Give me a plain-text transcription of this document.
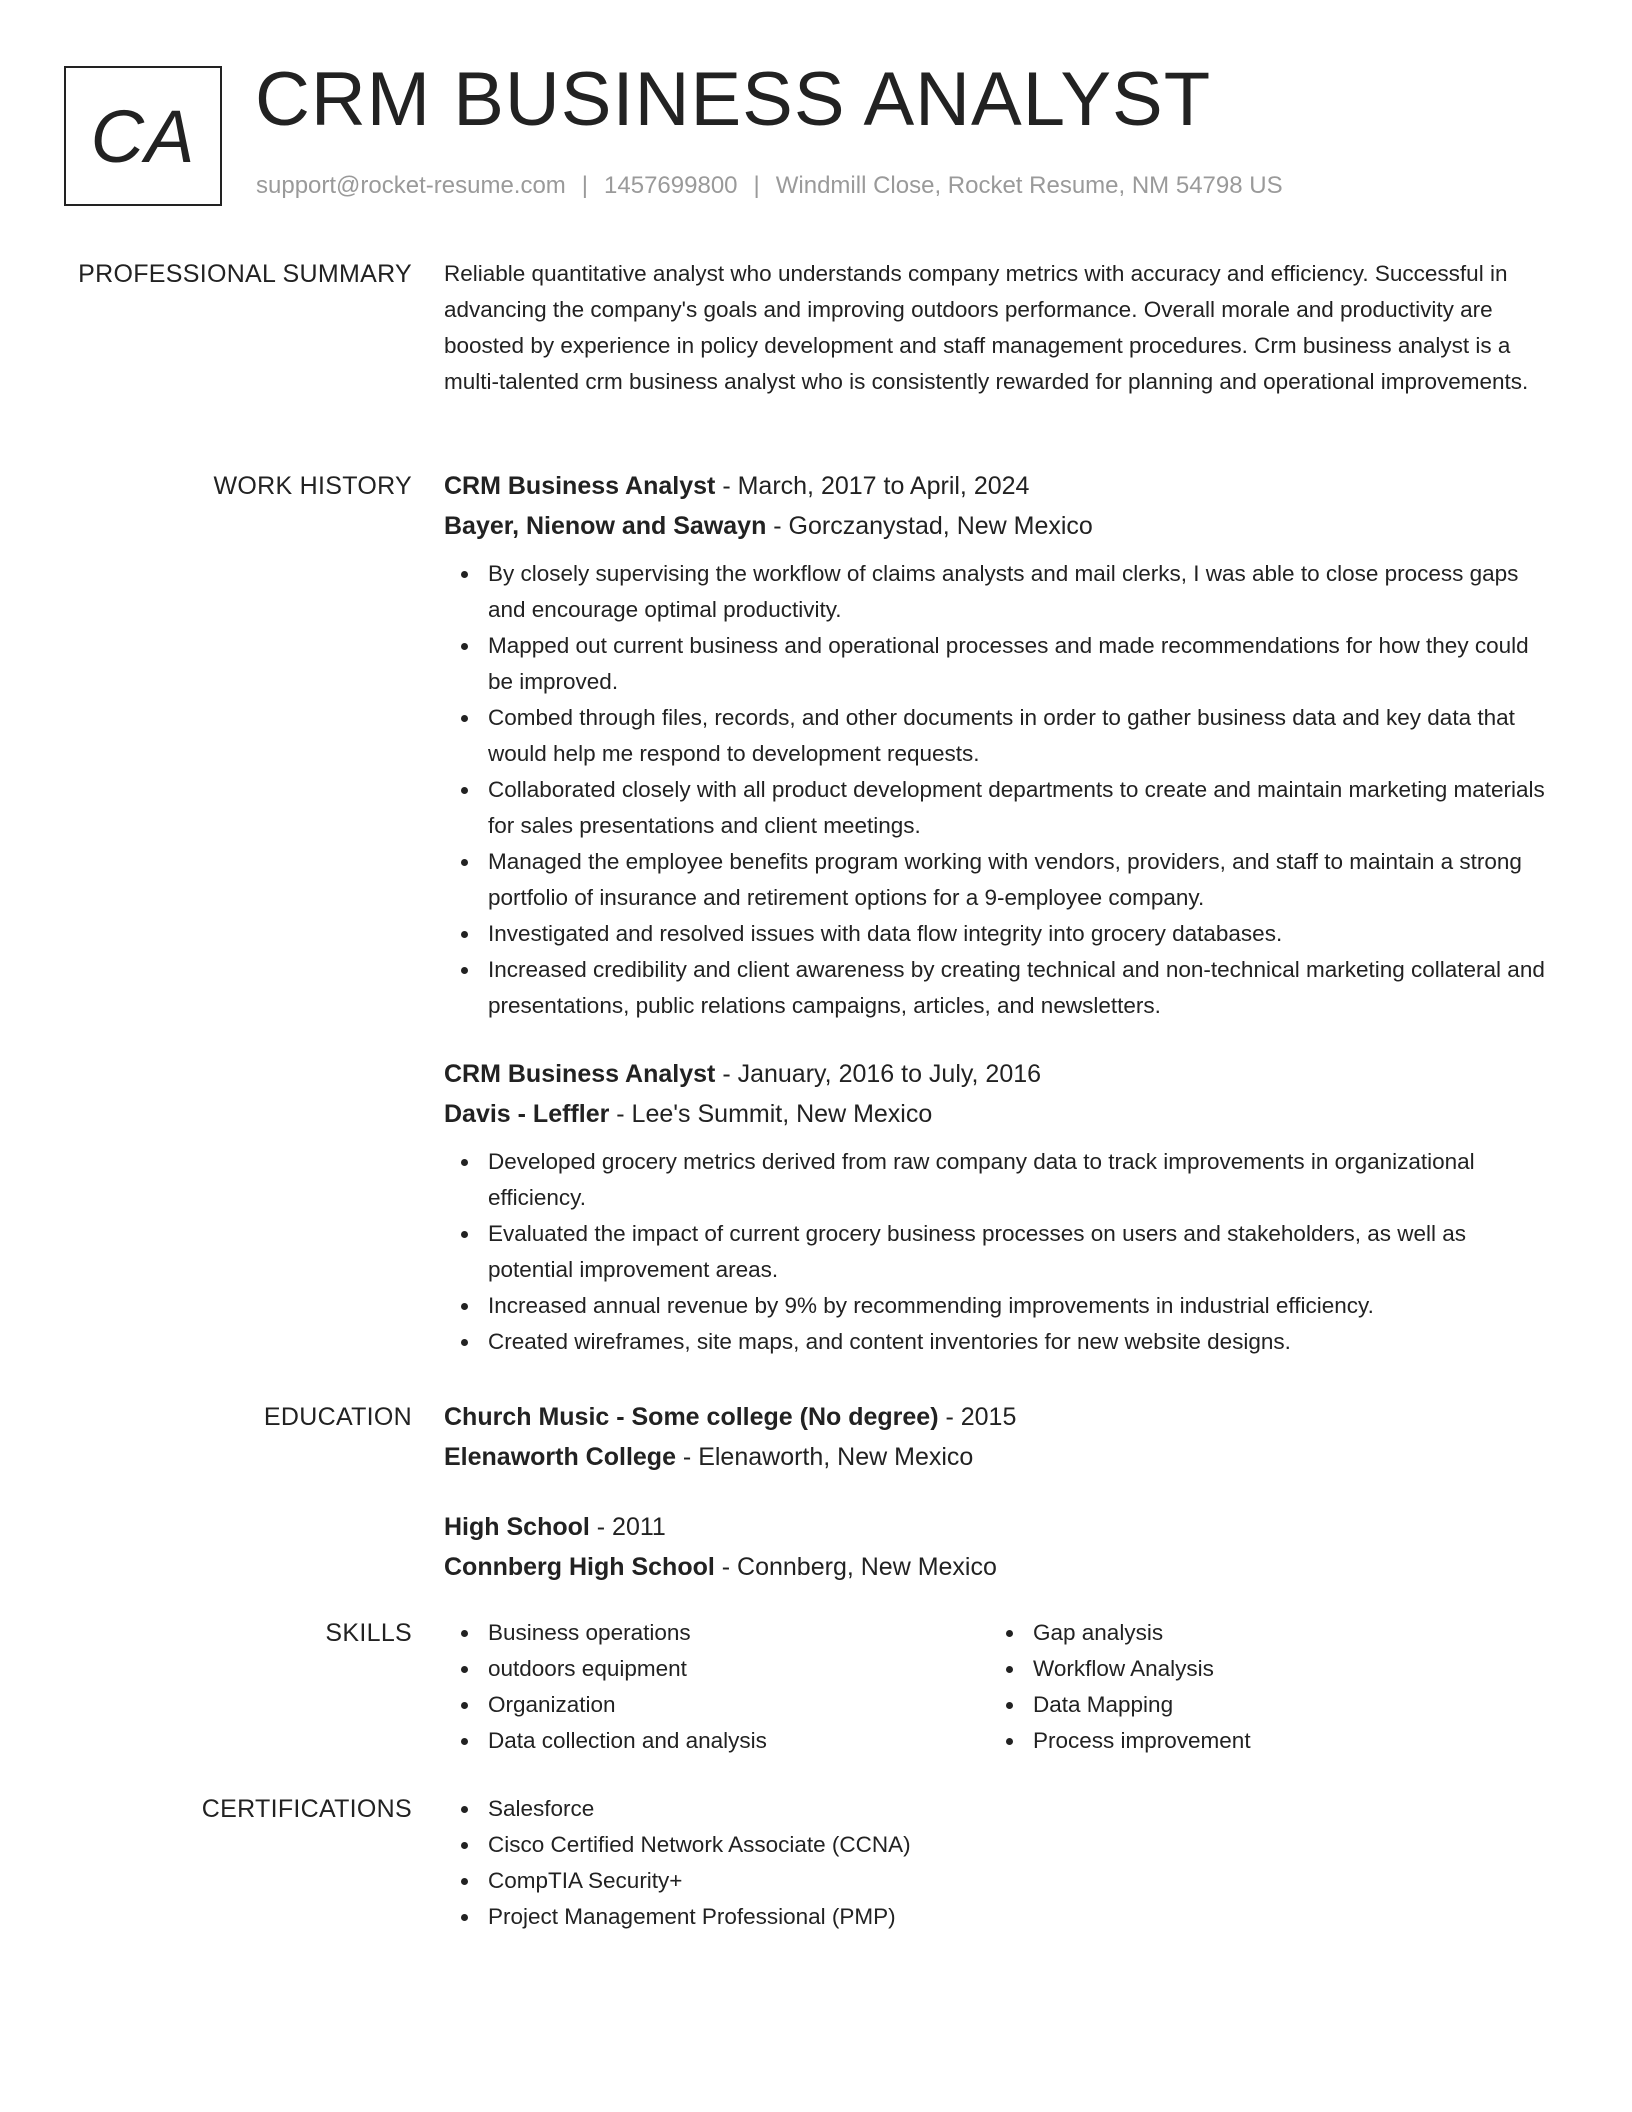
CA CRM BUSINESS ANALYST
support@rocket-resume.com | 1457699800 | Windmill Close, Rocket Resume, NM 54798 US
PROFESSIONAL SUMMARY Reliable quantitative analyst who understands company metrics with accuracy and efficiency. Successful in advancing the company's goals and improving outdoors performance. Overall morale and productivity are boosted by experience in policy development and staff management procedures. Crm business analyst is a multi-talented crm business analyst who is consistently rewarded for planning and operational improvements.

WORK HISTORY CRM Business Analyst - March, 2017 to April, 2024

Bayer, Nienow and Sawayn - Gorczanystad, New Mexico

By closely supervising the workflow of claims analysts and mail clerks, I was able to close process gaps and encourage optimal productivity.
Mapped out current business and operational processes and made recommendations for how they could be improved.
Combed through files, records, and other documents in order to gather business data and key data that would help me respond to development requests.
Collaborated closely with all product development departments to create and maintain marketing materials for sales presentations and client meetings.
Managed the employee benefits program working with vendors, providers, and staff to maintain a strong portfolio of insurance and retirement options for a 9-employee company.
Investigated and resolved issues with data flow integrity into grocery databases.
Increased credibility and client awareness by creating technical and non-technical marketing collateral and presentations, public relations campaigns, articles, and newsletters.

CRM Business Analyst - January, 2016 to July, 2016

Davis - Leffler - Lee's Summit, New Mexico

Developed grocery metrics derived from raw company data to track improvements in organizational efficiency.
Evaluated the impact of current grocery business processes on users and stakeholders, as well as potential improvement areas.
Increased annual revenue by 9% by recommending improvements in industrial efficiency.
Created wireframes, site maps, and content inventories for new website designs.
EDUCATION Church Music - Some college (No degree) - 2015

Elenaworth College - Elenaworth, New Mexico

High School - 2011

Connberg High School - Connberg, New Mexico

SKILLS	Business operations
outdoors equipment
Organization
Data collection and analysis
Gap analysis
Workflow Analysis
Data Mapping
Process improvement
CERTIFICATIONS	Salesforce
Cisco Certified Network Associate (CCNA)
CompTIA Security+
Project Management Professional (PMP)
